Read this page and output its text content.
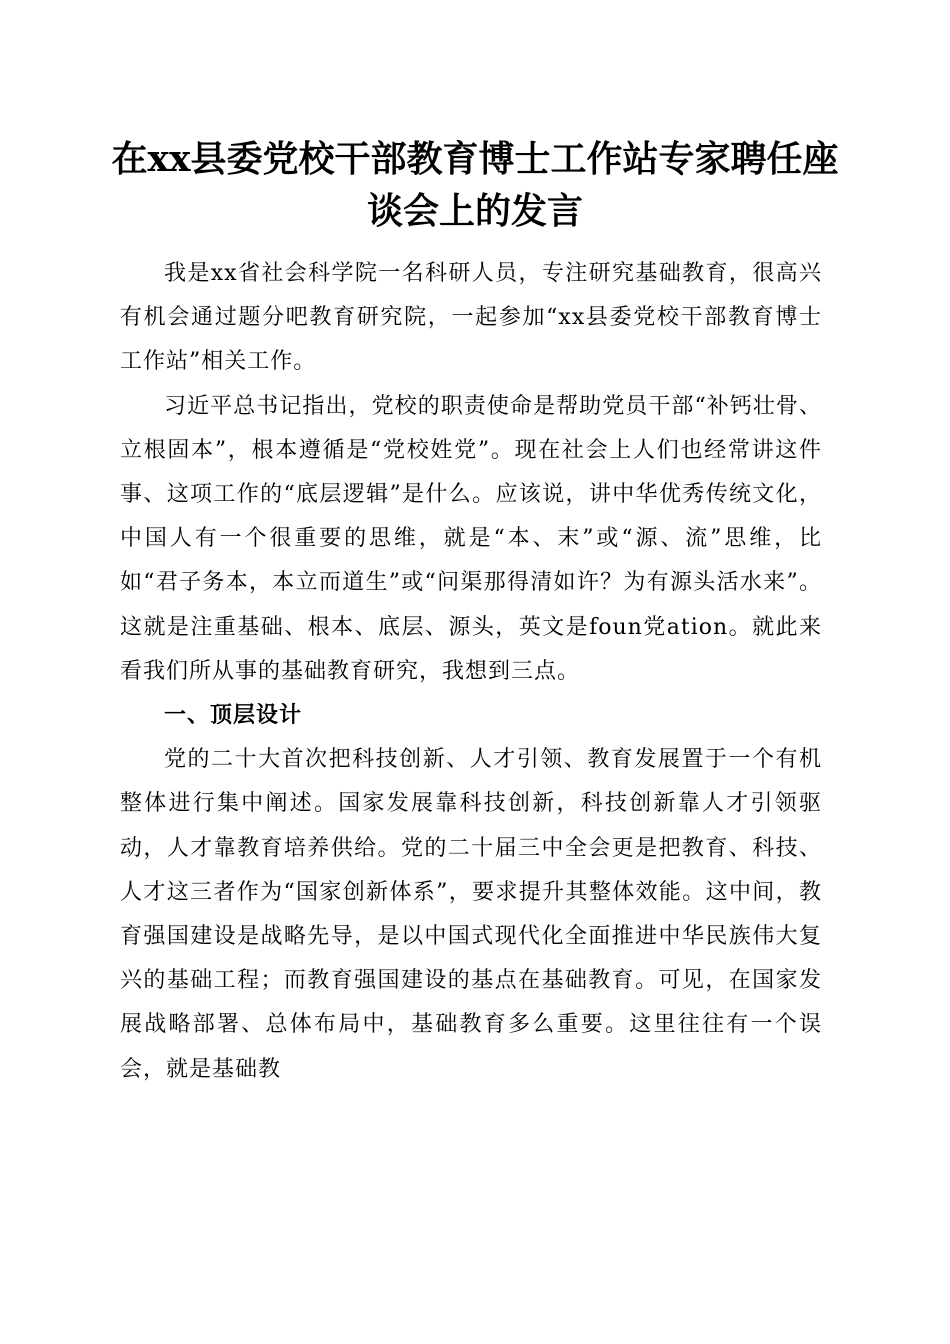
在xx县委党校干部教育博士工作站专家聘任座谈会上的发言

我是xx省社会科学院一名科研人员，专注研究基础教育，很高兴有机会通过题分吧教育研究院，一起参加“xx县委党校干部教育博士工作站”相关工作。

习近平总书记指出，党校的职责使命是帮助党员干部“补钙壮骨、立根固本”，根本遵循是“党校姓党”。现在社会上人们也经常讲这件事、这项工作的“底层逻辑”是什么。应该说，讲中华优秀传统文化，中国人有一个很重要的思维，就是“本、末”或“源、流”思维，比如“君子务本，本立而道生”或“问渠那得清如许？为有源头活水来”。这就是注重基础、根本、底层、源头，英文是foun党ation。就此来看我们所从事的基础教育研究，我想到三点。

一、顶层设计

党的二十大首次把科技创新、人才引领、教育发展置于一个有机整体进行集中阐述。国家发展靠科技创新，科技创新靠人才引领驱动，人才靠教育培养供给。党的二十届三中全会更是把教育、科技、人才这三者作为“国家创新体系”，要求提升其整体效能。这中间，教育强国建设是战略先导，是以中国式现代化全面推进中华民族伟大复兴的基础工程；而教育强国建设的基点在基础教育。可见，在国家发展战略部署、总体布局中，基础教育多么重要。这里往往有一个误会，就是基础教
